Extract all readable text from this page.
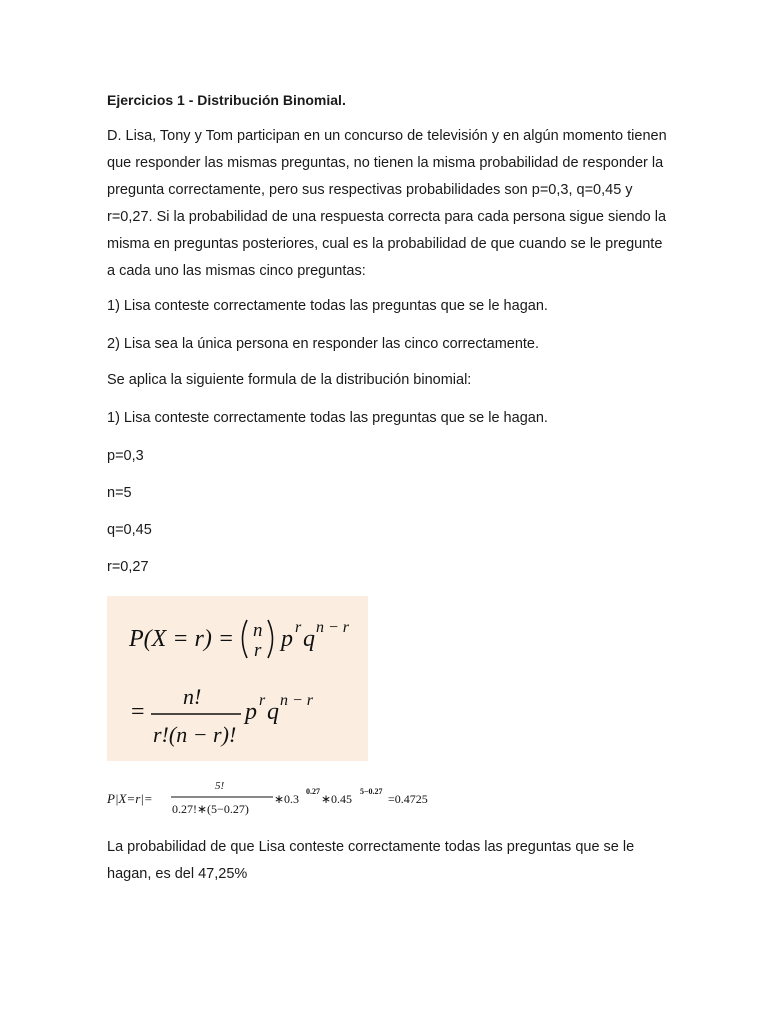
Ejercicios 1 - Distribución Binomial.

D. Lisa, Tony y Tom participan en un concurso de televisión y en algún momento tienen que responder las mismas preguntas, no tienen la misma probabilidad de responder la pregunta correctamente, pero sus respectivas probabilidades son p=0,3, q=0,45 y r=0,27. Si la probabilidad de una respuesta correcta para cada persona sigue siendo la misma en preguntas posteriores, cual es la probabilidad de que cuando se le pregunte a cada uno las mismas cinco preguntas:

1) Lisa conteste correctamente todas las preguntas que se le hagan.

2) Lisa sea la única persona en responder las cinco correctamente.

Se aplica la siguiente formula de la distribución binomial:

1) Lisa conteste correctamente todas las preguntas que se le hagan.

p=0,3

n=5

q=0,45

r=0,27

P(X = r) = n
r p r q n − r
=
n!
r!(n − r)!
p r q n − r
P|X=r|=
5!
0.27!∗(5−0.27)
∗0.3
0.27
∗0.45
5−0.27
=0.4725

La probabilidad de que Lisa conteste correctamente todas las preguntas que se le hagan, es del 47,25%
